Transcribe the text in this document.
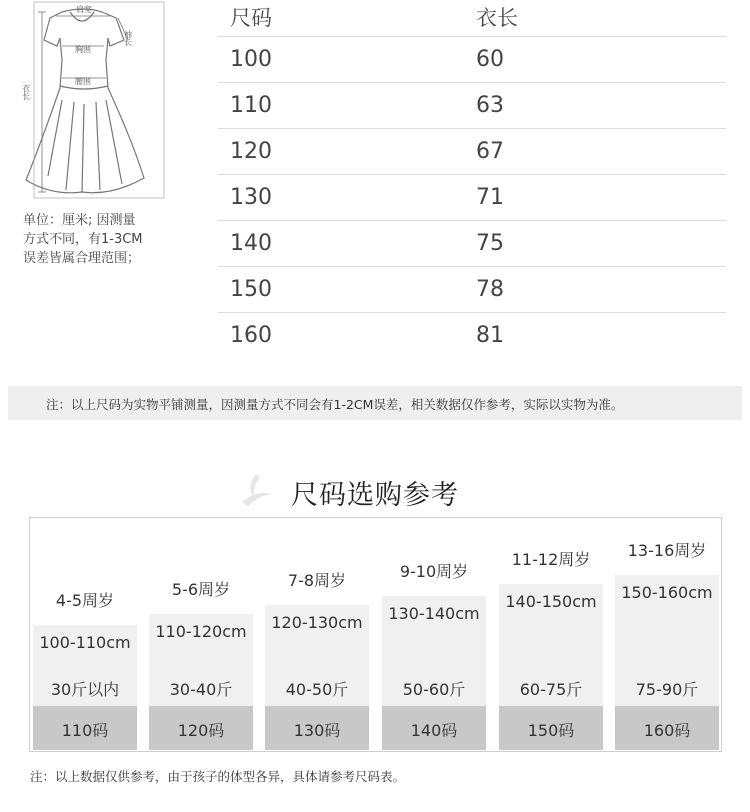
肩宽
胸围
腰围
袖长
衣长
单位：厘米; 因测量
方式不同，有1-3CM
误差皆属合理范围；
尺码	衣长
100	60
110	63
120	67
130	71
140	75
150	78
160	81
注：以上尺码为实物平铺测量，因测量方式不同会有1-2CM误差，相关数据仅作参考，实际以实物为准。
尺码选购参考
4-5周岁
100-110cm
30斤以内
110码
5-6周岁
110-120cm
30-40斤
120码
7-8周岁
120-130cm
40-50斤
130码
9-10周岁
130-140cm
50-60斤
140码
11-12周岁
140-150cm
60-75斤
150码
13-16周岁
150-160cm
75-90斤
160码
注：以上数据仅供参考，由于孩子的体型各异，具体请参考尺码表。
